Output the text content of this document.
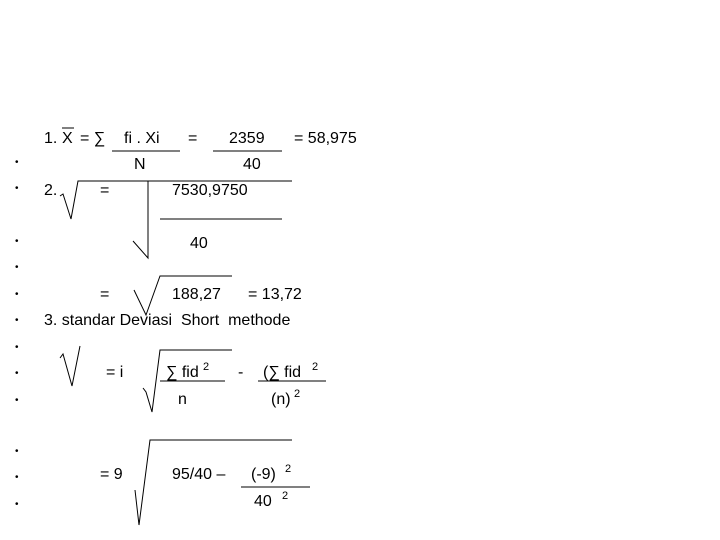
•
•
•
•
•
•
•
•
•
•
•
•
1. X = ∑ fi . Xi = 2359 = 58,975
N	40
2.	=	7530,9750
40
=	188,27 = 13,72
3. standar Deviasi  Short  methode
= i	∑ fid 2
n
- (∑ fid 2
(n) 2
= 9	95/40 – (-9) 2
40 2
